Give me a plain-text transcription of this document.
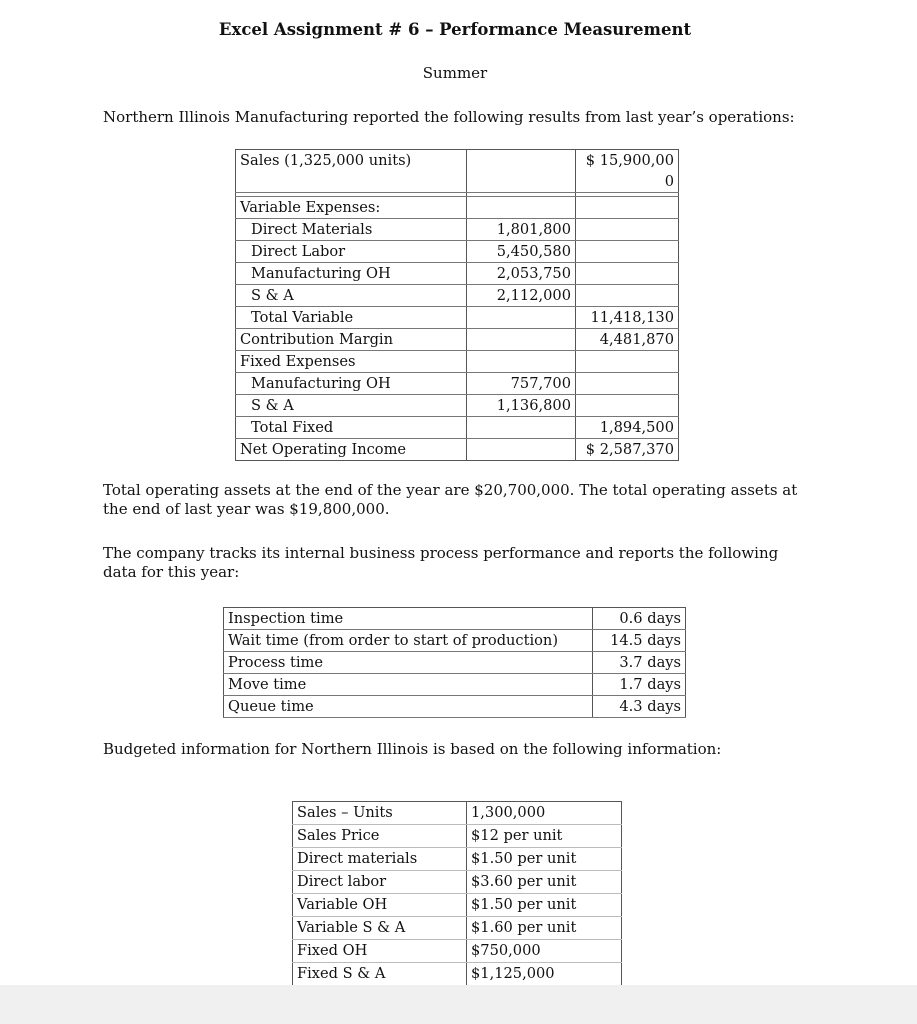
Excel Assignment # 6 – Performance Measurement
Summer
Northern Illinois Manufacturing reported the following results from last year’s operations:
Sales (1,325,000 units)		$ 15,900,00
0

Variable Expenses:		
Direct Materials	1,801,800	
Direct Labor	5,450,580	
Manufacturing OH	2,053,750	
S & A	2,112,000	
Total Variable		11,418,130
Contribution Margin		4,481,870
Fixed Expenses		
Manufacturing OH	757,700	
S & A	1,136,800	
Total Fixed		1,894,500
Net Operating Income		$ 2,587,370
Total operating assets at the end of the year are $20,700,000. The total operating assets at the end of last year was $19,800,000.
The company tracks its internal business process performance and reports the following data for this year:
Inspection time	0.6 days
Wait time (from order to start of production)	14.5 days
Process time	3.7 days
Move time	1.7 days
Queue time	4.3 days
Budgeted information for Northern Illinois is based on the following information:
Sales – Units	1,300,000
Sales Price	$12 per unit
Direct materials	$1.50 per unit
Direct labor	$3.60 per unit
Variable OH	$1.50 per unit
Variable S & A	$1.60 per unit
Fixed OH	$750,000
Fixed S & A	$1,125,000
